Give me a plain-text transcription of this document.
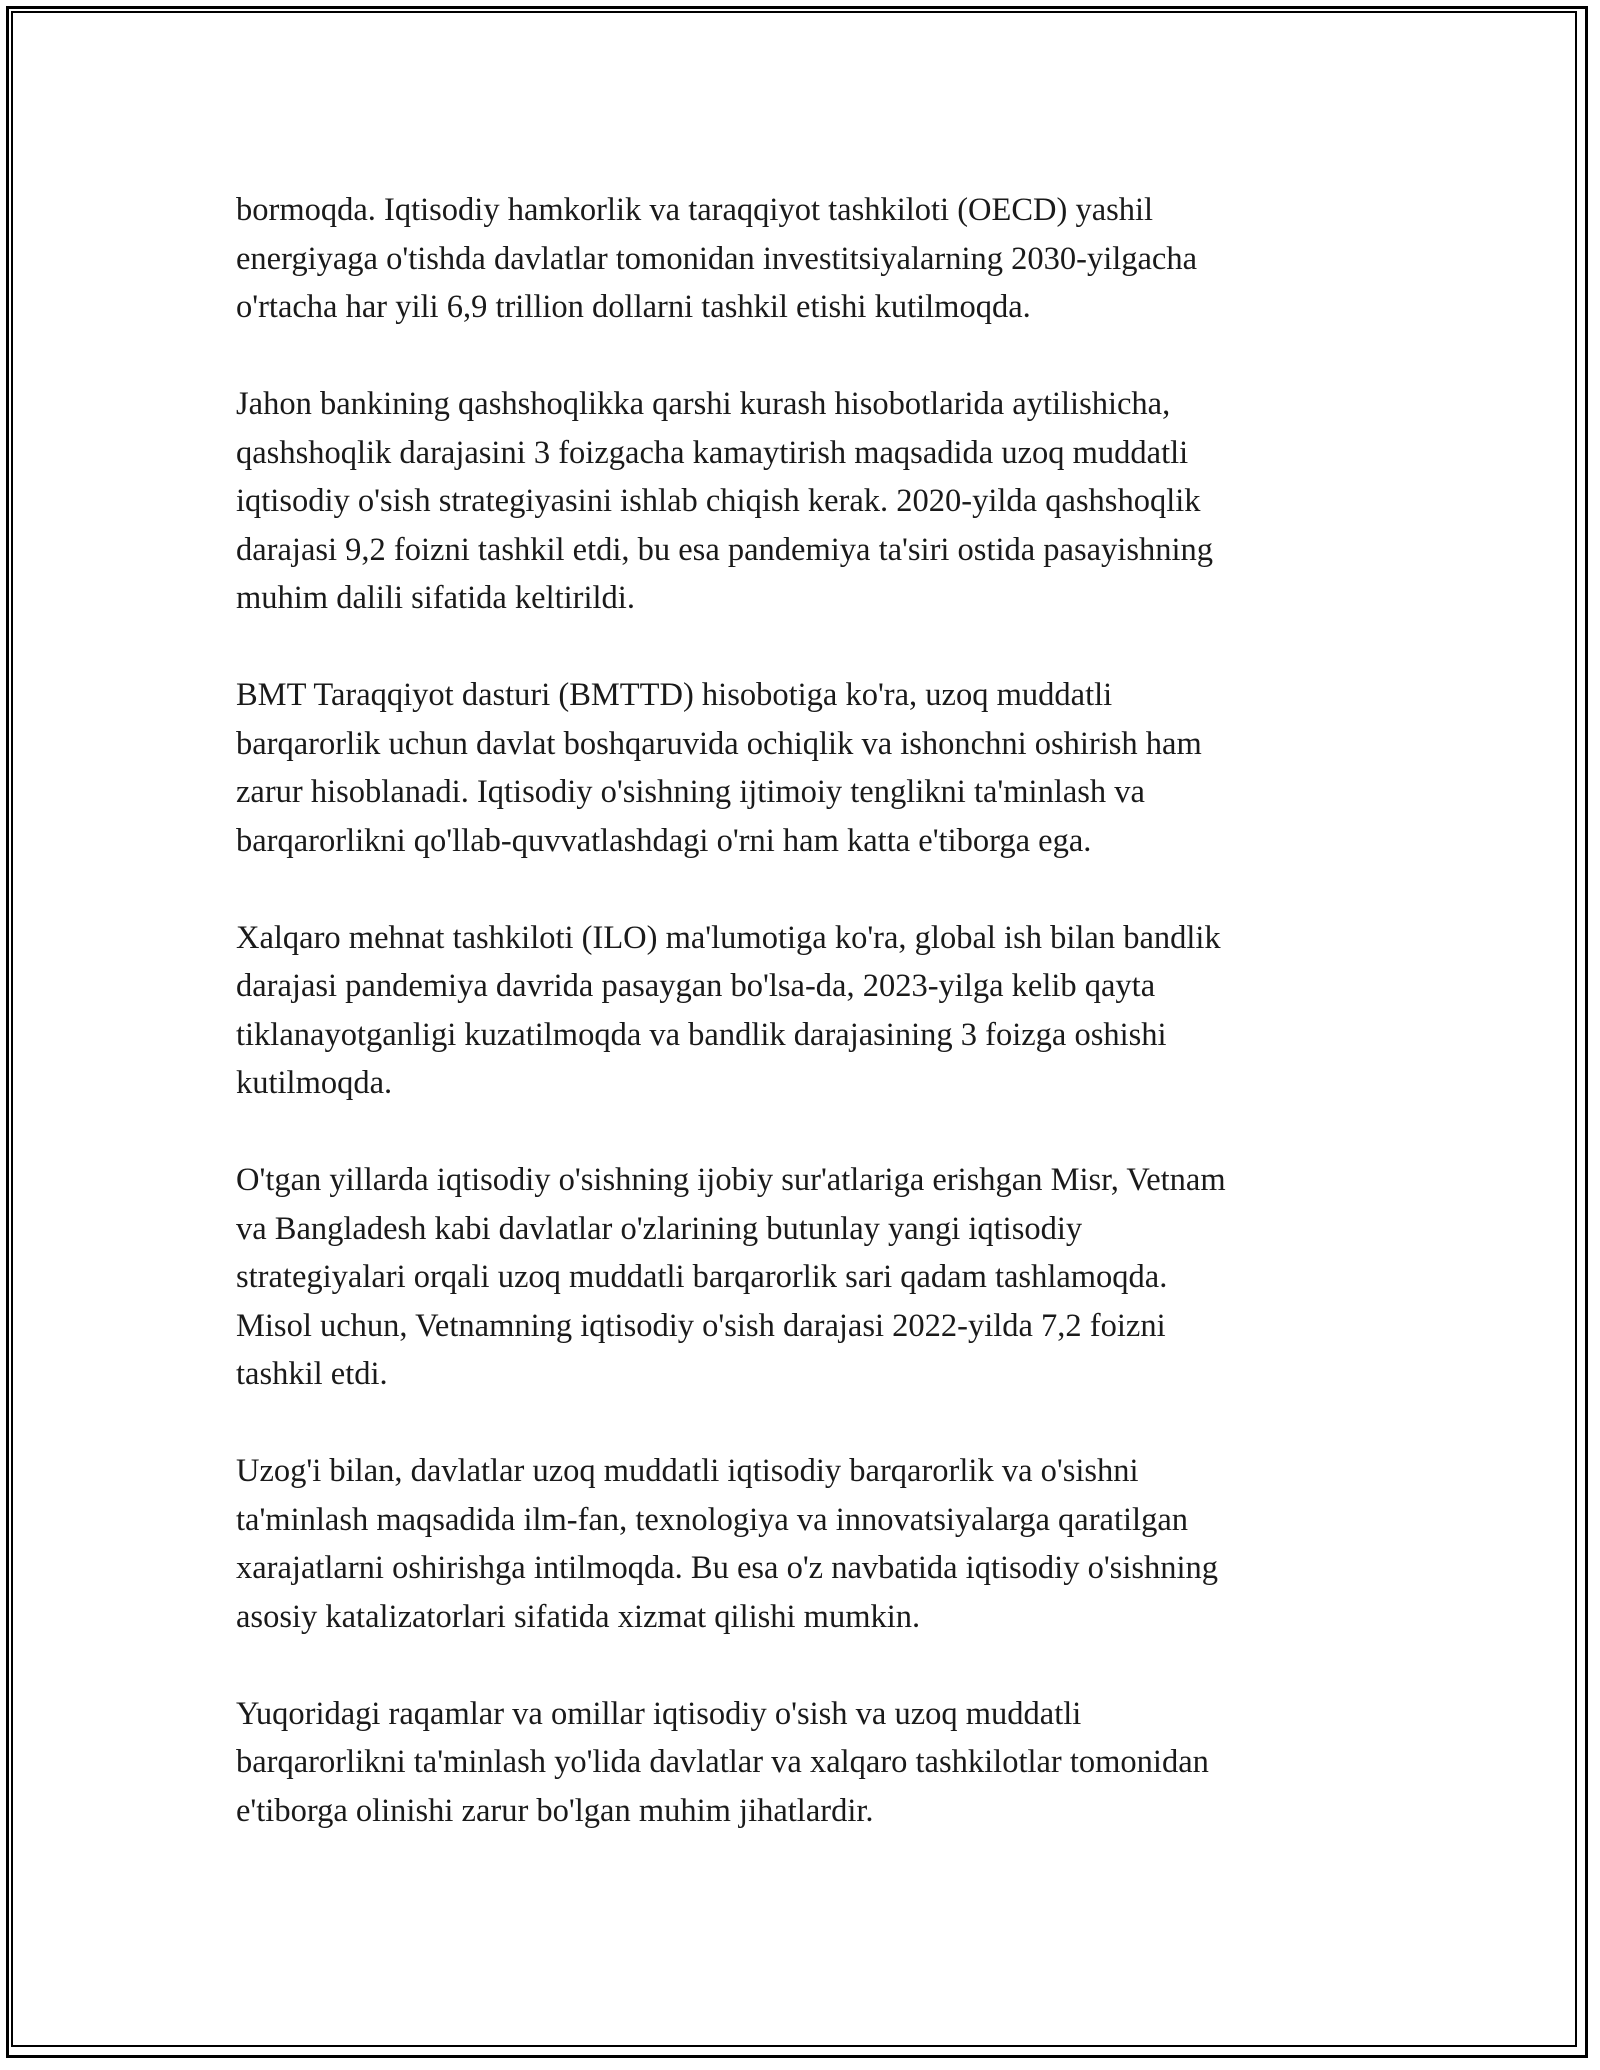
bormoqda. Iqtisodiy hamkorlik va taraqqiyot tashkiloti (OECD) yashil
energiyaga o'tishda davlatlar tomonidan investitsiyalarning 2030-yilgacha
o'rtacha har yili 6,9 trillion dollarni tashkil etishi kutilmoqda.

Jahon bankining qashshoqlikka qarshi kurash hisobotlarida aytilishicha,
qashshoqlik darajasini 3 foizgacha kamaytirish maqsadida uzoq muddatli
iqtisodiy o'sish strategiyasini ishlab chiqish kerak. 2020-yilda qashshoqlik
darajasi 9,2 foizni tashkil etdi, bu esa pandemiya ta'siri ostida pasayishning
muhim dalili sifatida keltirildi.

BMT Taraqqiyot dasturi (BMTTD) hisobotiga ko'ra, uzoq muddatli
barqarorlik uchun davlat boshqaruvida ochiqlik va ishonchni oshirish ham
zarur hisoblanadi. Iqtisodiy o'sishning ijtimoiy tenglikni ta'minlash va
barqarorlikni qo'llab-quvvatlashdagi o'rni ham katta e'tiborga ega.

Xalqaro mehnat tashkiloti (ILO) ma'lumotiga ko'ra, global ish bilan bandlik
darajasi pandemiya davrida pasaygan bo'lsa-da, 2023-yilga kelib qayta
tiklanayotganligi kuzatilmoqda va bandlik darajasining 3 foizga oshishi
kutilmoqda.

O'tgan yillarda iqtisodiy o'sishning ijobiy sur'atlariga erishgan Misr, Vetnam
va Bangladesh kabi davlatlar o'zlarining butunlay yangi iqtisodiy
strategiyalari orqali uzoq muddatli barqarorlik sari qadam tashlamoqda.
Misol uchun, Vetnamning iqtisodiy o'sish darajasi 2022-yilda 7,2 foizni
tashkil etdi.

Uzog'i bilan, davlatlar uzoq muddatli iqtisodiy barqarorlik va o'sishni
ta'minlash maqsadida ilm-fan, texnologiya va innovatsiyalarga qaratilgan
xarajatlarni oshirishga intilmoqda. Bu esa o'z navbatida iqtisodiy o'sishning
asosiy katalizatorlari sifatida xizmat qilishi mumkin.

Yuqoridagi raqamlar va omillar iqtisodiy o'sish va uzoq muddatli
barqarorlikni ta'minlash yo'lida davlatlar va xalqaro tashkilotlar tomonidan
e'tiborga olinishi zarur bo'lgan muhim jihatlardir.
